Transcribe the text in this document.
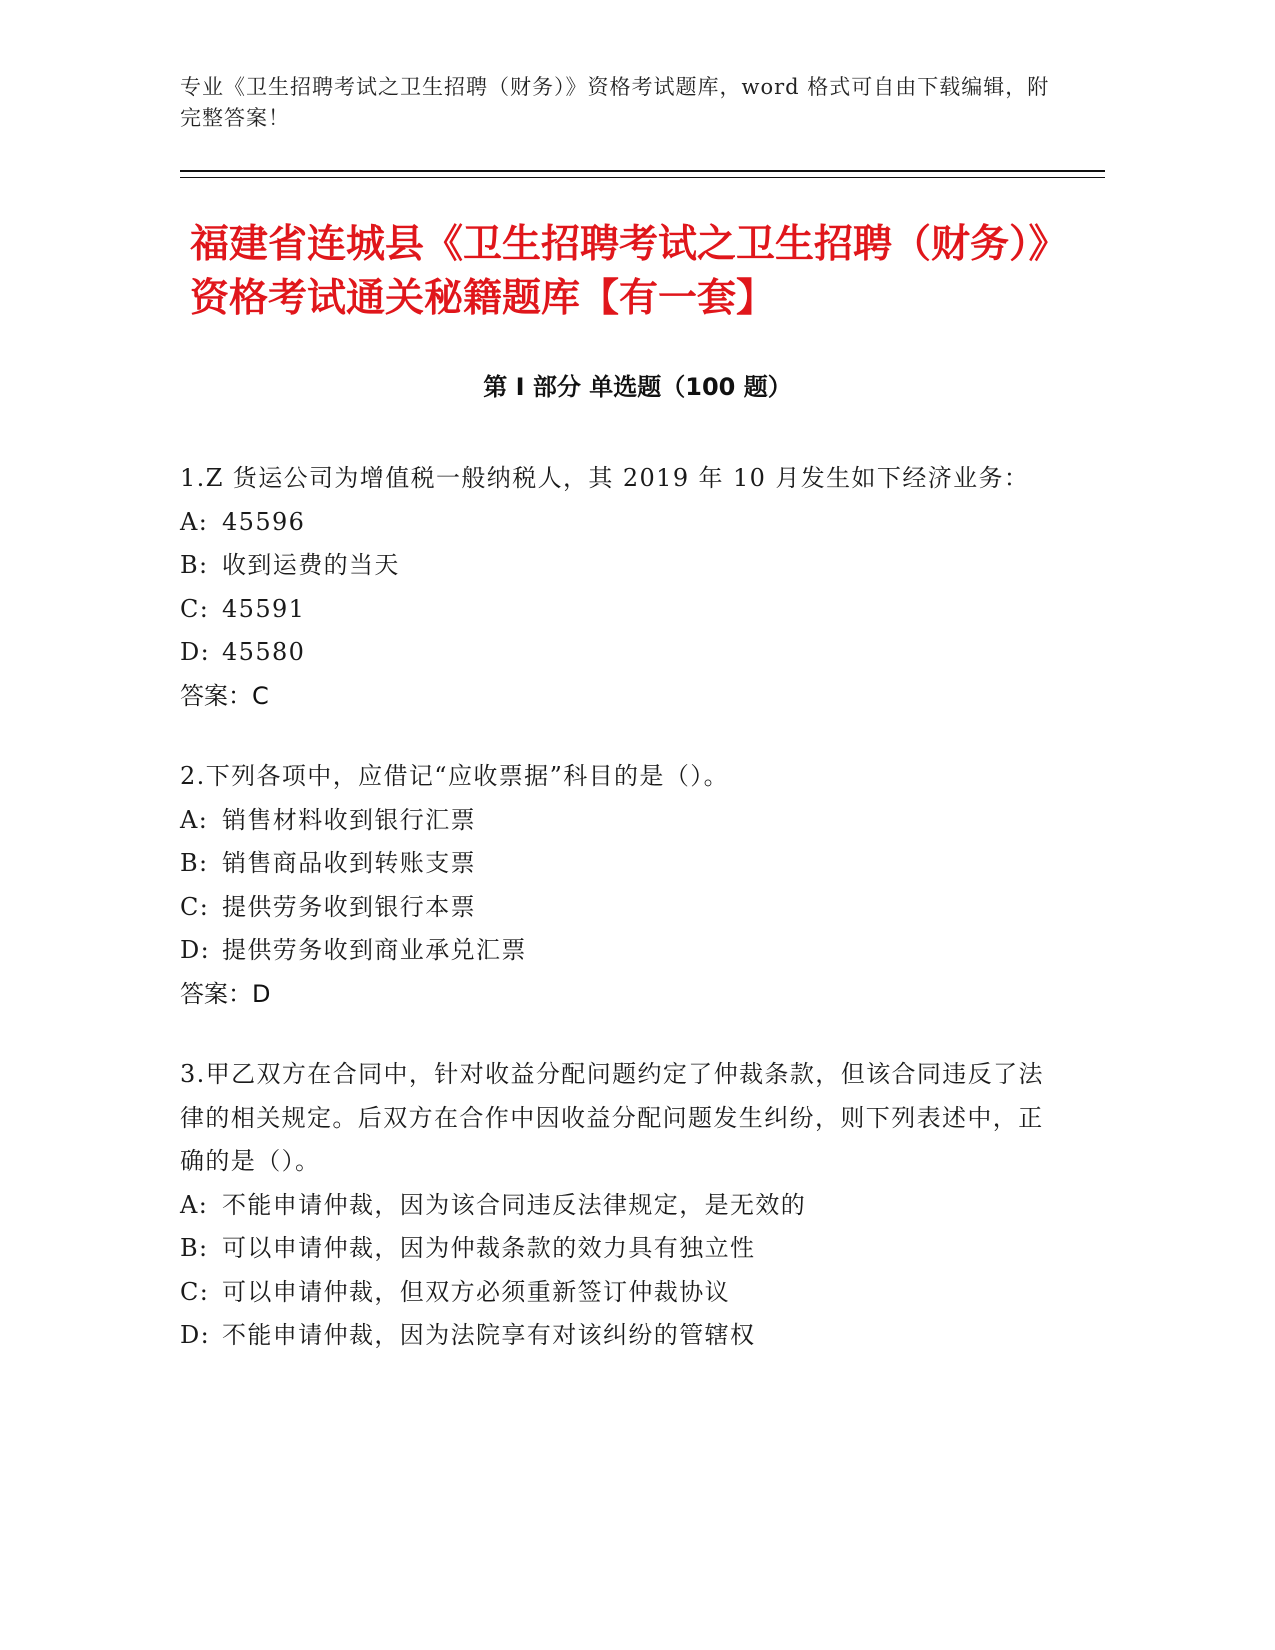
专业《卫生招聘考试之卫生招聘（财务）》资格考试题库，word 格式可自由下载编辑，附完整答案！
福建省连城县《卫生招聘考试之卫生招聘（财务）》资格考试通关秘籍题库【有一套】
第 I 部分 单选题（100 题）
1.Z 货运公司为增值税一般纳税人，其 2019 年 10 月发生如下经济业务：
A: 45596
B: 收到运费的当天
C: 45591
D: 45580
答案：C
2.下列各项中，应借记“应收票据”科目的是（）。
A: 销售材料收到银行汇票
B: 销售商品收到转账支票
C: 提供劳务收到银行本票
D: 提供劳务收到商业承兑汇票
答案：D
3.甲乙双方在合同中，针对收益分配问题约定了仲裁条款，但该合同违反了法律的相关规定。后双方在合作中因收益分配问题发生纠纷，则下列表述中，正确的是（）。
A: 不能申请仲裁，因为该合同违反法律规定，是无效的
B: 可以申请仲裁，因为仲裁条款的效力具有独立性
C: 可以申请仲裁，但双方必须重新签订仲裁协议
D: 不能申请仲裁，因为法院享有对该纠纷的管辖权
